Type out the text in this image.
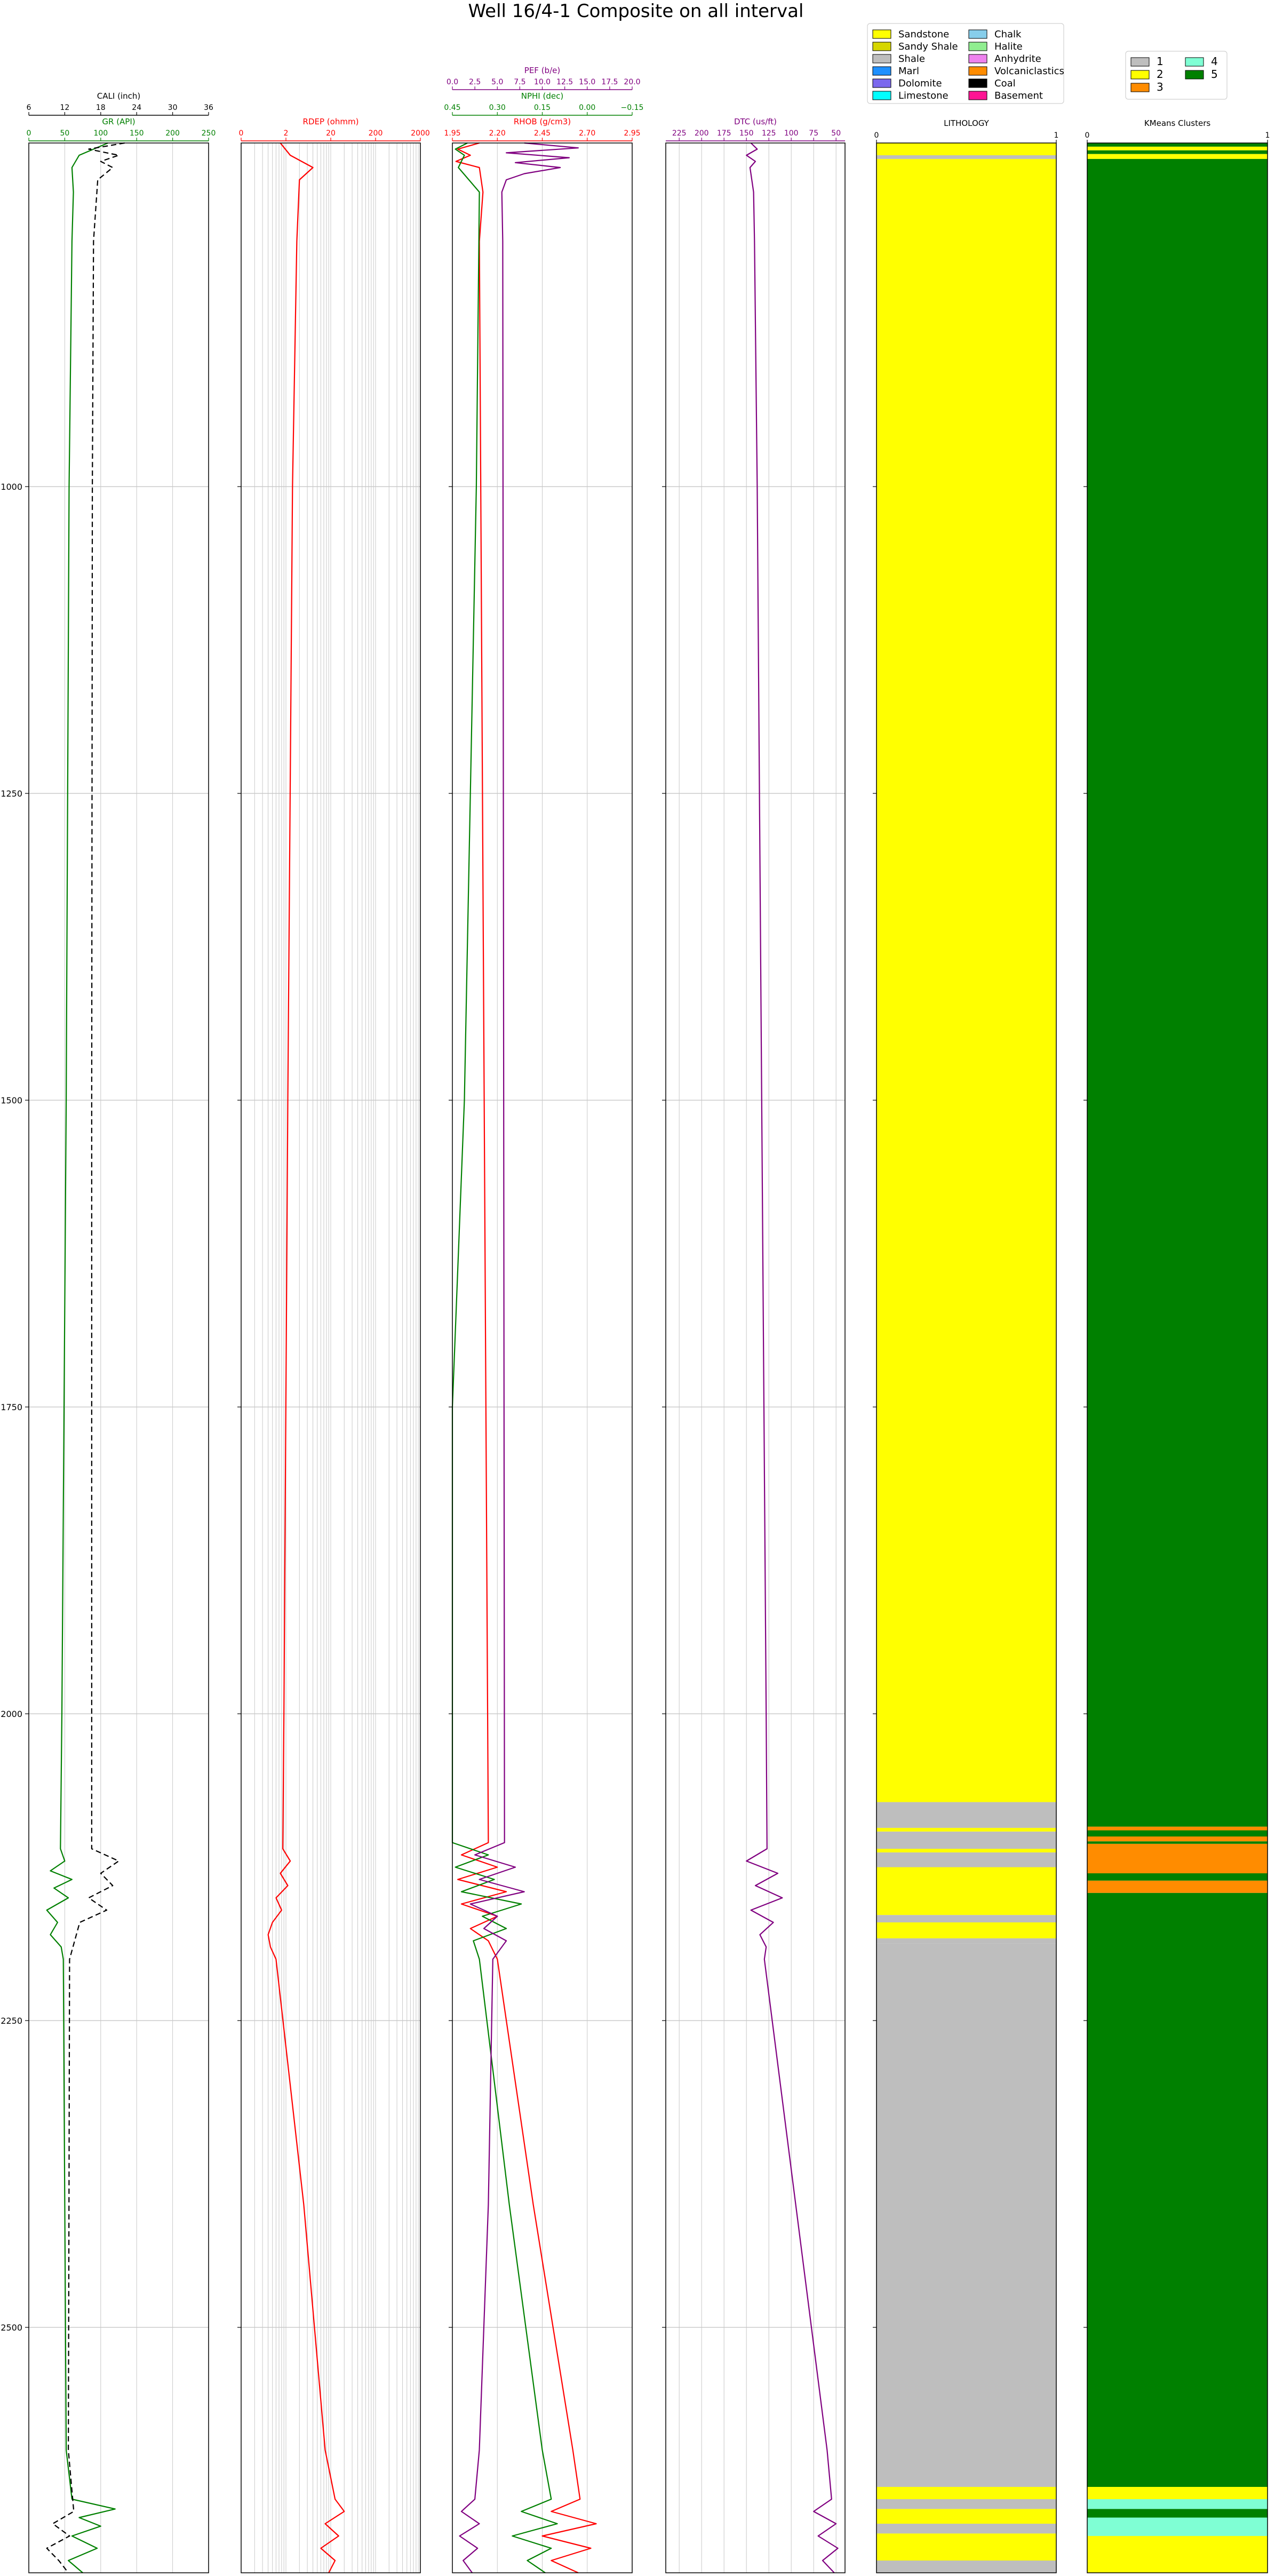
Well 16/4-1 Composite on all interval
1000
1250
1500
1750
2000
2250
2500
0	50	100	150	200	250
GR (API)
6	12	18	24	30	36
CALI (inch)
0	2	20	200	2000
RDEP (ohmm)
1.95	2.20	2.45	2.70	2.95
RHOB (g/cm3)
0.45	0.30	0.15	0.00	−0.15
NPHI (dec)
0.0 2.5 5.0 7.5 10.0 12.5 15.0 17.5 20.0
PEF (b/e)
225 200 175 150 125 100 75 50
DTC (us/ft)
0	1
LITHOLOGY
0	1
KMeans Clusters
Sandstone	Chalk
Sandy Shale	Halite
Shale	Anhydrite
Marl	Volcaniclastics
Dolomite	Coal
Limestone	Basement
1	4
2	5
3
